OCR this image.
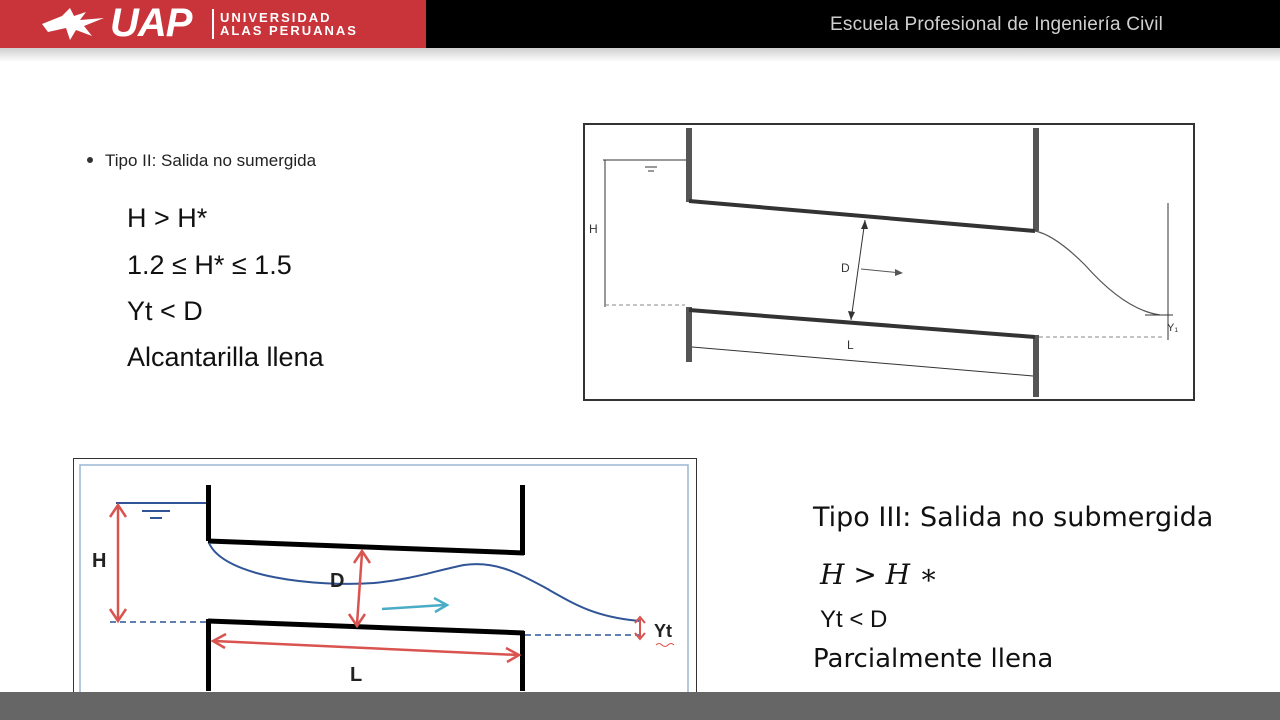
UAP UNIVERSIDAD
ALAS PERUANAS	Escuela Profesional de Ingeniería Civil
Tipo II: Salida no sumergida
H > H*
1.2 ≤ H* ≤ 1.5
Yt < D
Alcantarilla llena
H
Y₁
D
L
H
D
L
Yt
Tipo III: Salida no submergida
H > H ∗
Yt < D
Parcialmente llena
